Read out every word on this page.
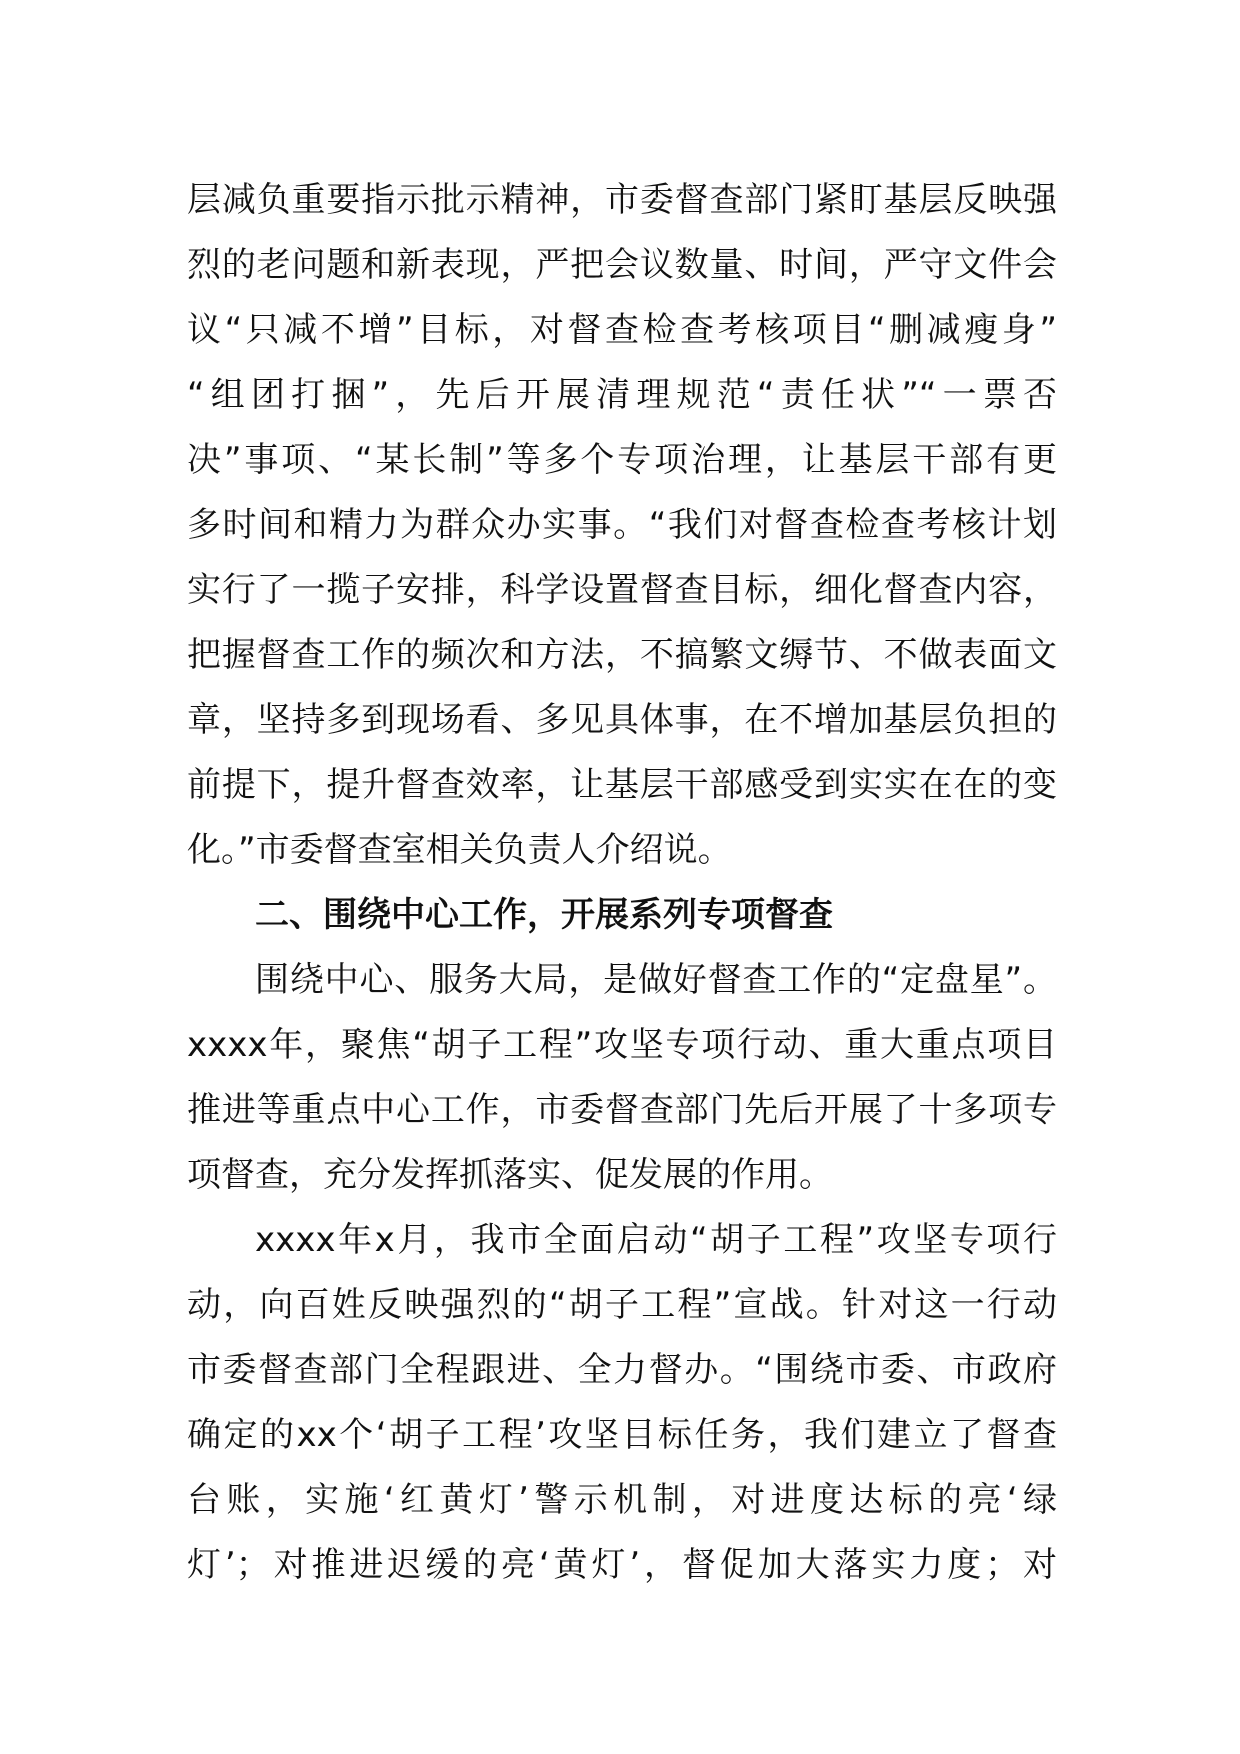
层减负重要指示批示精神，市委督查部门紧盯基层反映强
烈的老问题和新表现，严把会议数量、时间，严守文件会
议“只减不增”目标，对督查检查考核项目“删减瘦身”
“组团打捆”，先后开展清理规范“责任状”“一票否
决”事项、“某长制”等多个专项治理，让基层干部有更
多时间和精力为群众办实事。“我们对督查检查考核计划
实行了一揽子安排，科学设置督查目标，细化督查内容，
把握督查工作的频次和方法，不搞繁文缛节、不做表面文
章，坚持多到现场看、多见具体事，在不增加基层负担的
前提下，提升督查效率，让基层干部感受到实实在在的变
化。”市委督查室相关负责人介绍说。
二、围绕中心工作，开展系列专项督查
围绕中心、服务大局，是做好督查工作的“定盘星”。
xxxx年，聚焦“胡子工程”攻坚专项行动、重大重点项目
推进等重点中心工作，市委督查部门先后开展了十多项专
项督查，充分发挥抓落实、促发展的作用。
xxxx年x月，我市全面启动“胡子工程”攻坚专项行
动，向百姓反映强烈的“胡子工程”宣战。针对这一行动
市委督查部门全程跟进、全力督办。“围绕市委、市政府
确定的xx个‘胡子工程’攻坚目标任务，我们建立了督查
台账，实施‘红黄灯’警示机制，对进度达标的亮‘绿
灯’；对推进迟缓的亮‘黄灯’，督促加大落实力度；对
